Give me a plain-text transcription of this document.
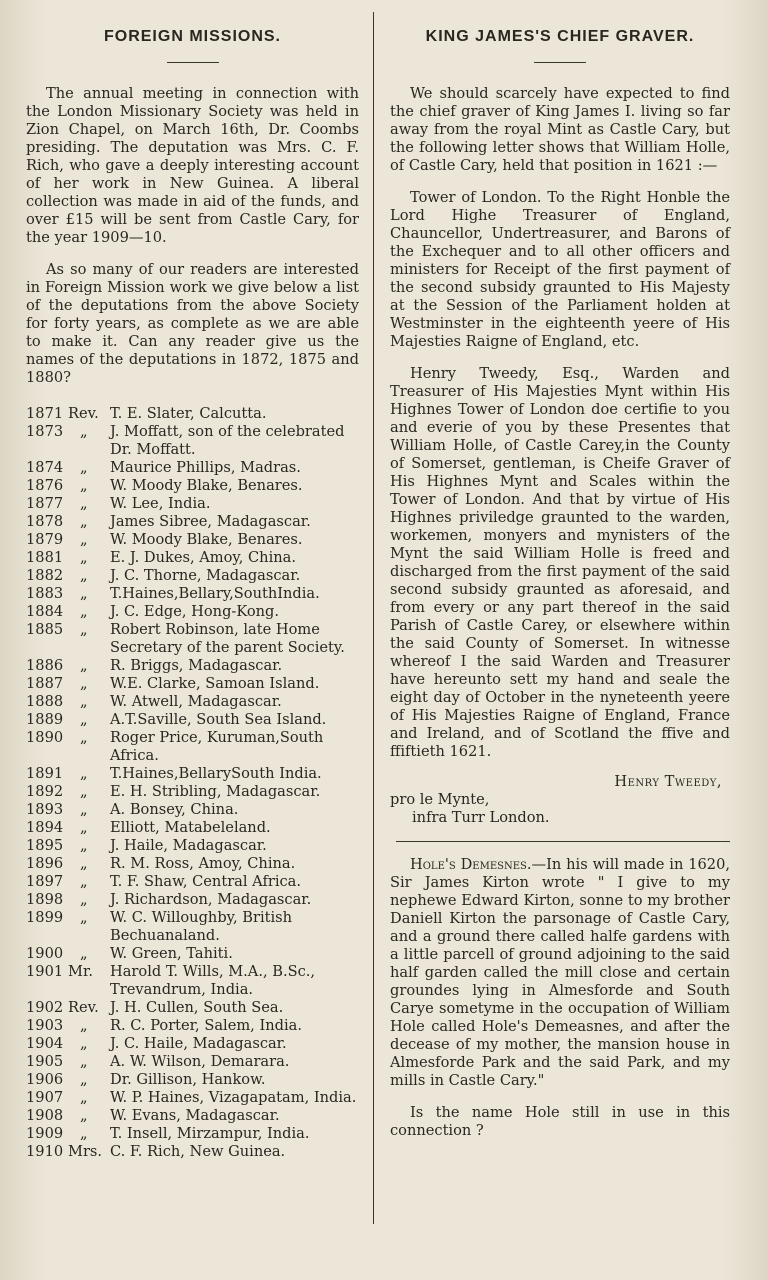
FOREIGN MISSIONS.

The annual meeting in connection with the London Missionary Society was held in Zion Chapel, on March 16th, Dr. Coombs presiding. The deputation was Mrs. C. F. Rich, who gave a deeply interesting account of her work in New Guinea. A liberal collection was made in aid of the funds, and over £15 will be sent from Castle Cary, for the year 1909—10.

As so many of our readers are interested in Foreign Mission work we give below a list of the deputations from the above Society for forty years, as complete as we are able to make it. Can any reader give us the names of the deputations in 1872, 1875 and 1880?

1871	Rev.	T. E. Slater, Calcutta.
1873	„	J. Moffatt, son of the celebrated Dr. Moffatt.
1874	„	Maurice Phillips, Madras.
1876	„	W. Moody Blake, Benares.
1877	„	W. Lee, India.
1878	„	James Sibree, Madagascar.
1879	„	W. Moody Blake, Benares.
1881	„	E. J. Dukes, Amoy, China.
1882	„	J. C. Thorne, Madagascar.
1883	„	T.Haines,Bellary,SouthIndia.
1884	„	J. C. Edge, Hong-Kong.
1885	„	Robert Robinson, late Home Secretary of the parent Society.
1886	„	R. Briggs, Madagascar.
1887	„	W.E. Clarke, Samoan Island.
1888	„	W. Atwell, Madagascar.
1889	„	A.T.Saville, South Sea Island.
1890	„	Roger Price, Kuruman,South Africa.
1891	„	T.Haines,BellarySouth India.
1892	„	E. H. Stribling, Madagascar.
1893	„	A. Bonsey, China.
1894	„	Elliott, Matabeleland.
1895	„	J. Haile, Madagascar.
1896	„	R. M. Ross, Amoy, China.
1897	„	T. F. Shaw, Central Africa.
1898	„	J. Richardson, Madagascar.
1899	„	W. C. Willoughby, British Bechuanaland.
1900	„	W. Green, Tahiti.
1901	Mr.	Harold T. Wills, M.A., B.Sc., Trevandrum, India.
1902	Rev.	J. H. Cullen, South Sea.
1903	„	R. C. Porter, Salem, India.
1904	„	J. C. Haile, Madagascar.
1905	„	A. W. Wilson, Demarara.
1906	„	Dr. Gillison, Hankow.
1907	„	W. P. Haines, Vizagapatam, India.
1908	„	W. Evans, Madagascar.
1909	„	T. Insell, Mirzampur, India.
1910	Mrs.	C. F. Rich, New Guinea.
KING JAMES'S CHIEF GRAVER.

We should scarcely have expected to find the chief graver of King James I. living so far away from the royal Mint as Castle Cary, but the following letter shows that William Holle, of Castle Cary, held that position in 1621 :—

Tower of London. To the Right Honble the Lord Highe Treasurer of England, Chauncellor, Undertreasurer, and Barons of the Exchequer and to all other officers and ministers for Receipt of the first payment of the second subsidy graunted to His Majesty at the Session of the Parliament holden at Westminster in the eighteenth yeere of His Majesties Raigne of England, etc.

Henry Tweedy, Esq., Warden and Treasurer of His Majesties Mynt within His Highnes Tower of London doe certifie to you and everie of you by these Presentes that William Holle, of Castle Carey,in the County of Somerset, gentleman, is Cheife Graver of His Highnes Mynt and Scales within the Tower of London. And that by virtue of His Highnes priviledge graunted to the warden, workemen, monyers and mynisters of the Mynt the said William Holle is freed and discharged from the first payment of the said second subsidy graunted as aforesaid, and from every or any part thereof in the said Parish of Castle Carey, or elsewhere within the said County of Somerset. In witnesse whereof I the said Warden and Treasurer have hereunto sett my hand and seale the eight day of October in the nyneteenth yeere of His Majesties Raigne of England, France and Ireland, and of Scotland the ffive and ffiftieth 1621.

Henry Tweedy,

pro le Mynte,

infra Turr London.

Hole's Demesnes.—In his will made in 1620, Sir James Kirton wrote " I give to my nephewe Edward Kirton, sonne to my brother Daniell Kirton the parsonage of Castle Cary, and a ground there called halfe gardens with a little parcell of ground adjoining to the said half garden called the mill close and certain groundes lying in Almesforde and South Carye sometyme in the occupation of William Hole called Hole's Demeasnes, and after the decease of my mother, the mansion house in Almesforde Park and the said Park, and my mills in Castle Cary."

Is the name Hole still in use in this connection ?
